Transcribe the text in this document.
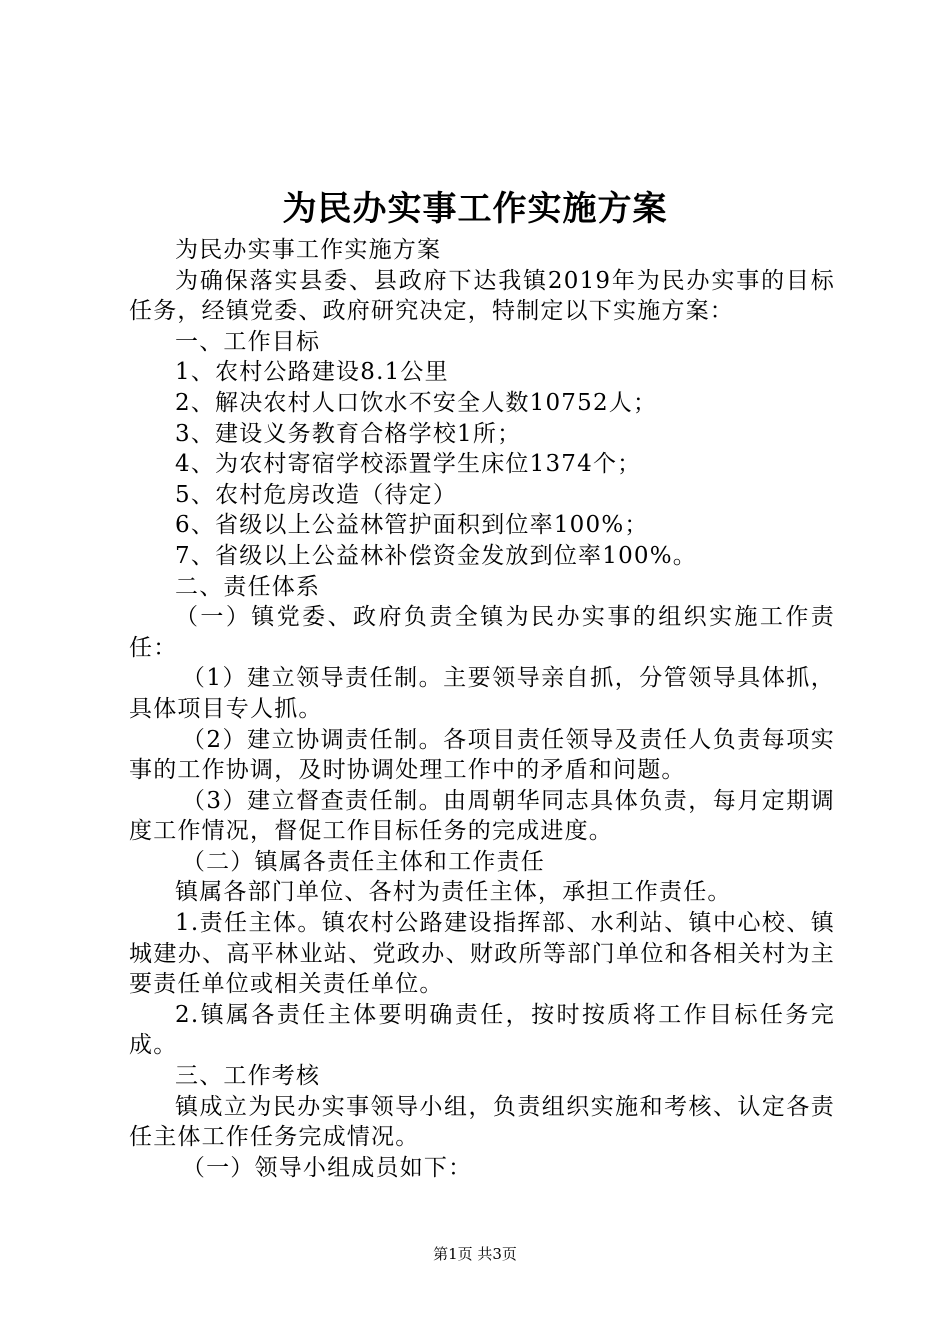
为民办实事工作实施方案

为民办实事工作实施方案

为确保落实县委、县政府下达我镇2019年为民办实事的目标任务，经镇党委、政府研究决定，特制定以下实施方案：

一、工作目标

1、农村公路建设8.1公里

2、解决农村人口饮水不安全人数10752人；

3、建设义务教育合格学校1所；

4、为农村寄宿学校添置学生床位1374个；

5、农村危房改造（待定）

6、省级以上公益林管护面积到位率100%；

7、省级以上公益林补偿资金发放到位率100%。

二、责任体系

（一）镇党委、政府负责全镇为民办实事的组织实施工作责任：

（1）建立领导责任制。主要领导亲自抓，分管领导具体抓，具体项目专人抓。

（2）建立协调责任制。各项目责任领导及责任人负责每项实事的工作协调，及时协调处理工作中的矛盾和问题。

（3）建立督查责任制。由周朝华同志具体负责，每月定期调度工作情况，督促工作目标任务的完成进度。

（二）镇属各责任主体和工作责任

镇属各部门单位、各村为责任主体，承担工作责任。

1.责任主体。镇农村公路建设指挥部、水利站、镇中心校、镇城建办、高平林业站、党政办、财政所等部门单位和各相关村为主要责任单位或相关责任单位。

2.镇属各责任主体要明确责任，按时按质将工作目标任务完成。

三、工作考核

镇成立为民办实事领导小组，负责组织实施和考核、认定各责任主体工作任务完成情况。

（一）领导小组成员如下：

第1页 共3页
